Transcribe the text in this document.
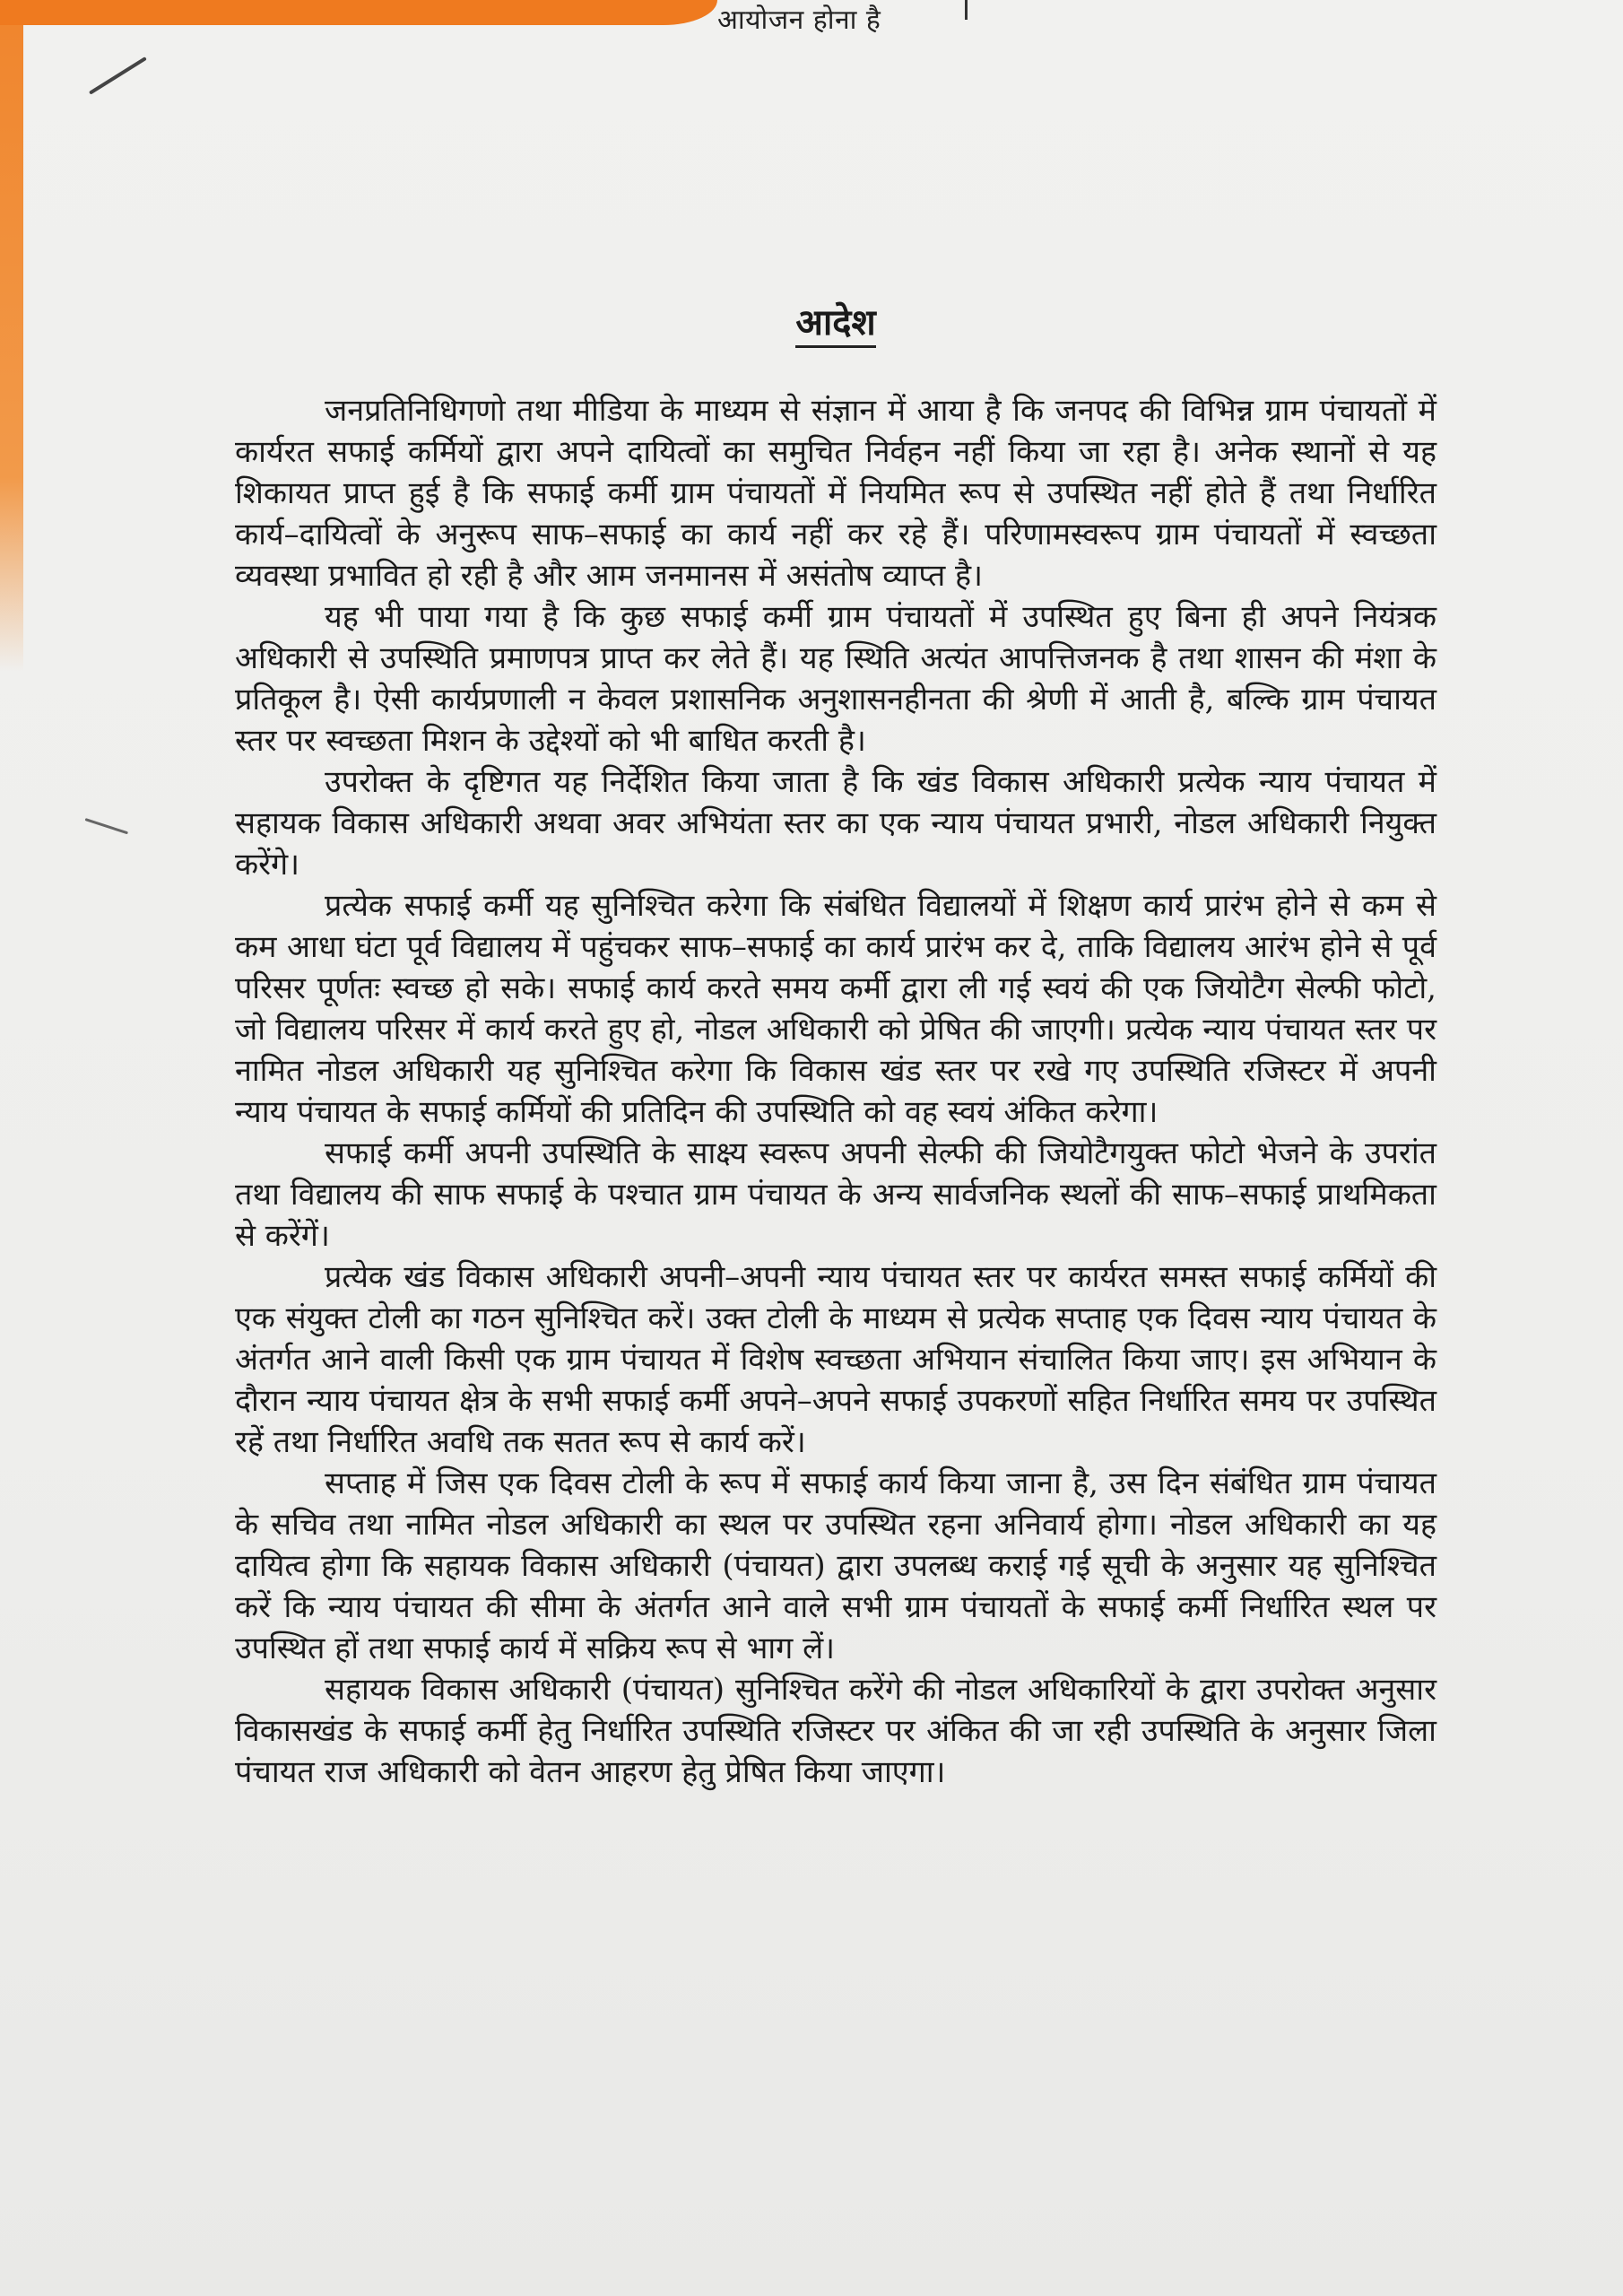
आयोजन होना है
आदेश

जनप्रतिनिधिगणो तथा मीडिया के माध्यम से संज्ञान में आया है कि जनपद की विभिन्न ग्राम पंचायतों में कार्यरत सफाई कर्मियों द्वारा अपने दायित्वों का समुचित निर्वहन नहीं किया जा रहा है। अनेक स्थानों से यह शिकायत प्राप्त हुई है कि सफाई कर्मी ग्राम पंचायतों में नियमित रूप से उपस्थित नहीं होते हैं तथा निर्धारित कार्य–दायित्वों के अनुरूप साफ–सफाई का कार्य नहीं कर रहे हैं। परिणामस्वरूप ग्राम पंचायतों में स्वच्छता व्यवस्था प्रभावित हो रही है और आम जनमानस में असंतोष व्याप्त है।

यह भी पाया गया है कि कुछ सफाई कर्मी ग्राम पंचायतों में उपस्थित हुए बिना ही अपने नियंत्रक अधिकारी से उपस्थिति प्रमाणपत्र प्राप्त कर लेते हैं। यह स्थिति अत्यंत आपत्तिजनक है तथा शासन की मंशा के प्रतिकूल है। ऐसी कार्यप्रणाली न केवल प्रशासनिक अनुशासनहीनता की श्रेणी में आती है, बल्कि ग्राम पंचायत स्तर पर स्वच्छता मिशन के उद्देश्यों को भी बाधित करती है।

उपरोक्त के दृष्टिगत यह निर्देशित किया जाता है कि खंड विकास अधिकारी प्रत्येक न्याय पंचायत में सहायक विकास अधिकारी अथवा अवर अभियंता स्तर का एक न्याय पंचायत प्रभारी, नोडल अधिकारी नियुक्त करेंगे।

प्रत्येक सफाई कर्मी यह सुनिश्चित करेगा कि संबंधित विद्यालयों में शिक्षण कार्य प्रारंभ होने से कम से कम आधा घंटा पूर्व विद्यालय में पहुंचकर साफ–सफाई का कार्य प्रारंभ कर दे, ताकि विद्यालय आरंभ होने से पूर्व परिसर पूर्णतः स्वच्छ हो सके। सफाई कार्य करते समय कर्मी द्वारा ली गई स्वयं की एक जियोटैग सेल्फी फोटो, जो विद्यालय परिसर में कार्य करते हुए हो, नोडल अधिकारी को प्रेषित की जाएगी। प्रत्येक न्याय पंचायत स्तर पर नामित नोडल अधिकारी यह सुनिश्चित करेगा कि विकास खंड स्तर पर रखे गए उपस्थिति रजिस्टर में अपनी न्याय पंचायत के सफाई कर्मियों की प्रतिदिन की उपस्थिति को वह स्वयं अंकित करेगा।

सफाई कर्मी अपनी उपस्थिति के साक्ष्य स्वरूप अपनी सेल्फी की जियोटैगयुक्त फोटो भेजने के उपरांत तथा विद्यालय की साफ सफाई के पश्चात ग्राम पंचायत के अन्य सार्वजनिक स्थलों की साफ–सफाई प्राथमिकता से करेंगें।

प्रत्येक खंड विकास अधिकारी अपनी–अपनी न्याय पंचायत स्तर पर कार्यरत समस्त सफाई कर्मियों की एक संयुक्त टोली का गठन सुनिश्चित करें। उक्त टोली के माध्यम से प्रत्येक सप्ताह एक दिवस न्याय पंचायत के अंतर्गत आने वाली किसी एक ग्राम पंचायत में विशेष स्वच्छता अभियान संचालित किया जाए। इस अभियान के दौरान न्याय पंचायत क्षेत्र के सभी सफाई कर्मी अपने–अपने सफाई उपकरणों सहित निर्धारित समय पर उपस्थित रहें तथा निर्धारित अवधि तक सतत रूप से कार्य करें।

सप्ताह में जिस एक दिवस टोली के रूप में सफाई कार्य किया जाना है, उस दिन संबंधित ग्राम पंचायत के सचिव तथा नामित नोडल अधिकारी का स्थल पर उपस्थित रहना अनिवार्य होगा। नोडल अधिकारी का यह दायित्व होगा कि सहायक विकास अधिकारी (पंचायत) द्वारा उपलब्ध कराई गई सूची के अनुसार यह सुनिश्चित करें कि न्याय पंचायत की सीमा के अंतर्गत आने वाले सभी ग्राम पंचायतों के सफाई कर्मी निर्धारित स्थल पर उपस्थित हों तथा सफाई कार्य में सक्रिय रूप से भाग लें।

सहायक विकास अधिकारी (पंचायत) सुनिश्चित करेंगे की नोडल अधिकारियों के द्वारा उपरोक्त अनुसार विकासखंड के सफाई कर्मी हेतु निर्धारित उपस्थिति रजिस्टर पर अंकित की जा रही उपस्थिति के अनुसार जिला पंचायत राज अधिकारी को वेतन आहरण हेतु प्रेषित किया जाएगा।
